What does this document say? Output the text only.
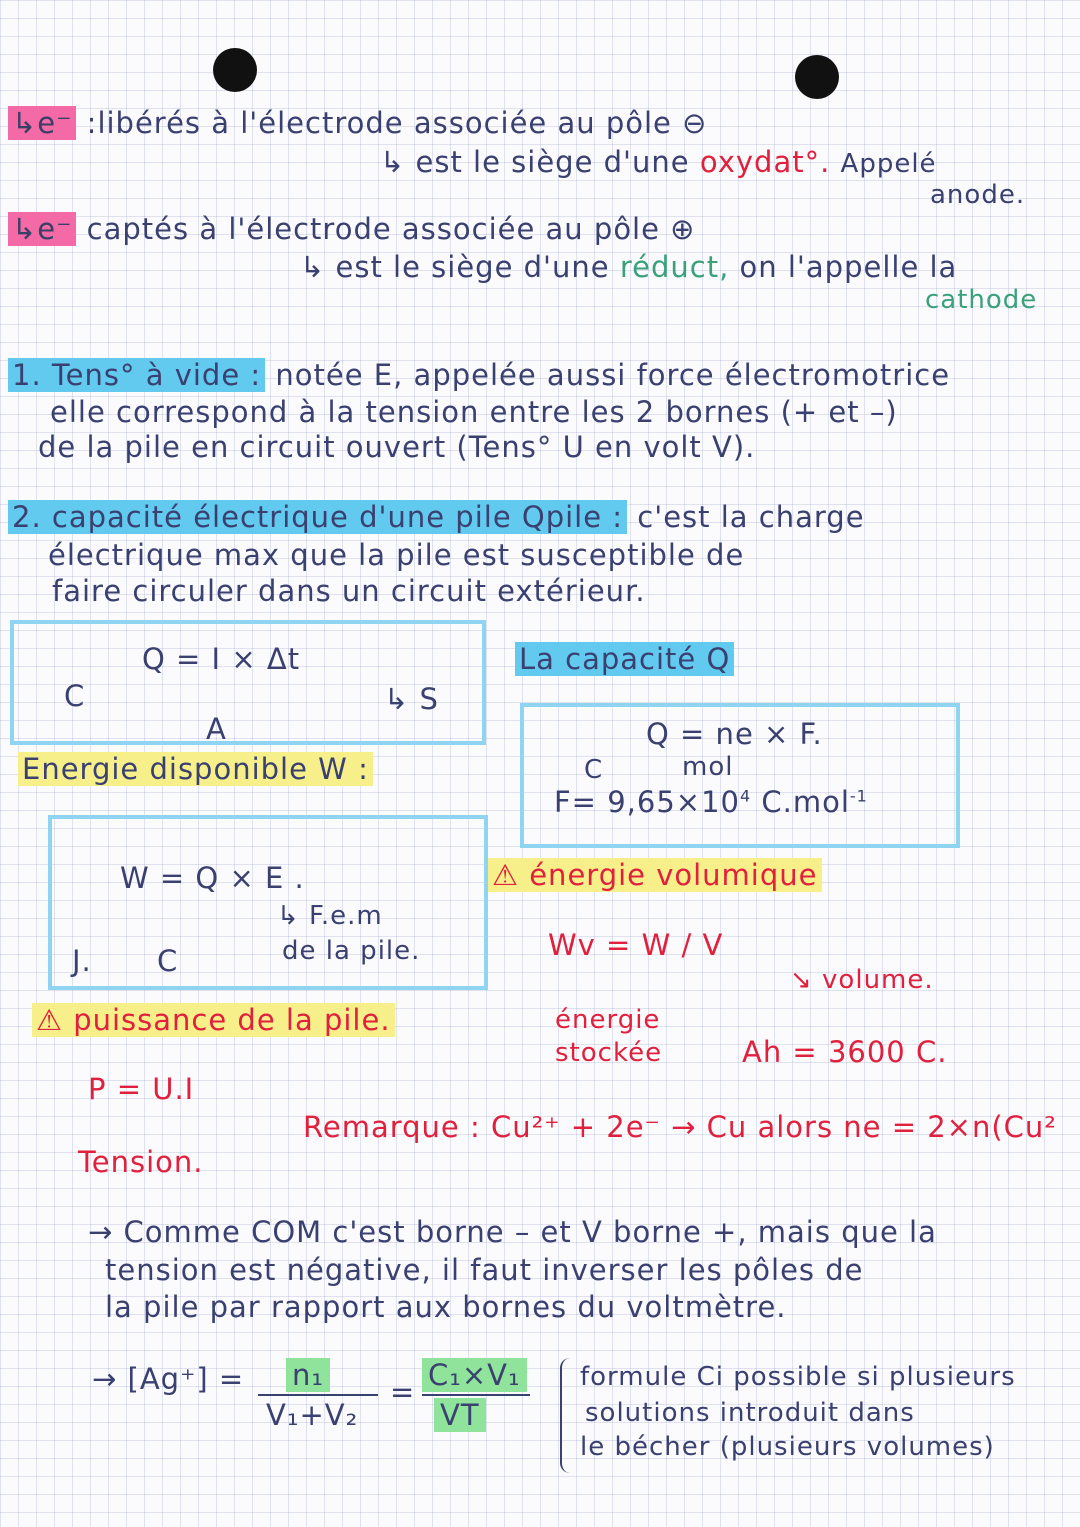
↳e⁻ :libérés à l'électrode associée au pôle ⊖
↳ est le siège d'une oxydat°. Appelé
anode.
↳e⁻ captés à l'électrode associée au pôle ⊕
↳ est le siège d'une réduct, on l'appelle la
cathode
1. Tens° à vide : notée E, appelée aussi force électromotrice
elle correspond à la tension entre les 2 bornes (+ et –)
de la pile en circuit ouvert (Tens° U en volt V).
2. capacité électrique d'une pile Qpile : c'est la charge
électrique max que la pile est susceptible de
faire circuler dans un circuit extérieur.
Q = I × Δt
C
A
↳ S
Energie disponible W :
W = Q × E .
J. C
↳ F.e.m
de la pile.
La capacité Q
Q = ne × F.
C	mol
$F= 9,65\times 10^4$ C.mol$^{-1}$
⚠ énergie volumique
Wv = W / V
↘ volume.
énergie
stockée	Ah = 3600 C.
⚠ puissance de la pile.
P = U.I
Tension.
Remarque : Cu²⁺ + 2e⁻ → Cu alors ne = 2×n(Cu²
→ Comme COM c'est borne – et V borne +, mais que la
tension est négative, il faut inverser les pôles de
la pile par rapport aux bornes du voltmètre.
→ [Ag⁺] = n₁
V₁+V₂
= C₁×V₁
VT
formule Ci possible si plusieurs
solutions introduit dans
le bécher (plusieurs volumes)
